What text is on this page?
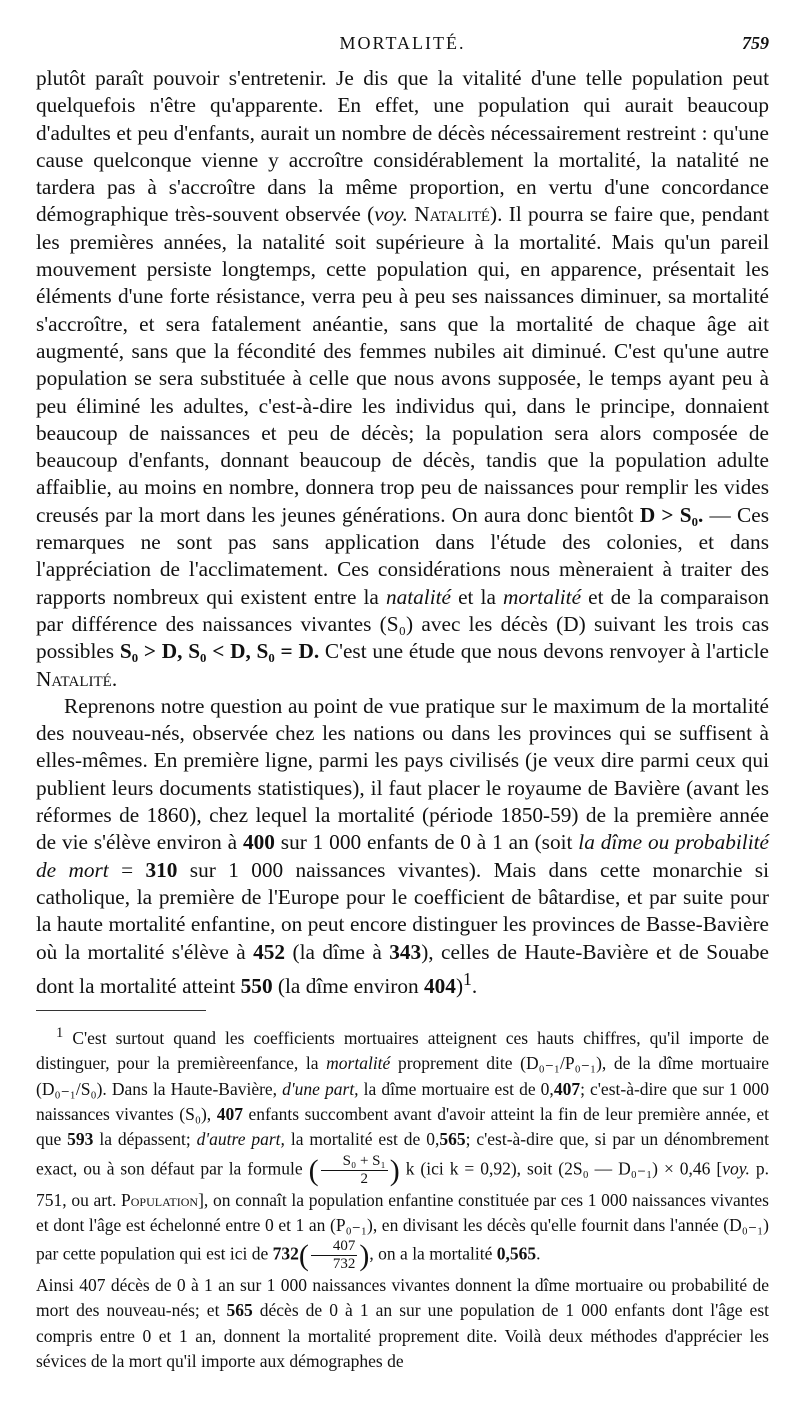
MORTALITÉ.	759

plutôt paraît pouvoir s'entretenir. Je dis que la vitalité d'une telle population peut quelquefois n'être qu'apparente. En effet, une population qui aurait beaucoup d'adultes et peu d'enfants, aurait un nombre de décès nécessairement restreint : qu'une cause quelconque vienne y accroître considérablement la mortalité, la natalité ne tardera pas à s'accroître dans la même proportion, en vertu d'une concordance démographique très-souvent observée (voy. Natalité). Il pourra se faire que, pendant les premières années, la natalité soit supérieure à la mortalité. Mais qu'un pareil mouvement persiste longtemps, cette population qui, en apparence, présentait les éléments d'une forte résistance, verra peu à peu ses naissances diminuer, sa mortalité s'accroître, et sera fatalement anéantie, sans que la mortalité de chaque âge ait augmenté, sans que la fécondité des femmes nubiles ait diminué. C'est qu'une autre population se sera substituée à celle que nous avons supposée, le temps ayant peu à peu éliminé les adultes, c'est-à-dire les individus qui, dans le principe, donnaient beaucoup de naissances et peu de décès; la population sera alors composée de beaucoup d'enfants, donnant beaucoup de décès, tandis que la population adulte affaiblie, au moins en nombre, donnera trop peu de naissances pour remplir les vides creusés par la mort dans les jeunes générations. On aura donc bientôt D > S₀. — Ces remarques ne sont pas sans application dans l'étude des colonies, et dans l'appréciation de l'acclimatement. Ces considérations nous mèneraient à traiter des rapports nombreux qui existent entre la natalité et la mortalité et de la comparaison par différence des naissances vivantes (S₀) avec les décès (D) suivant les trois cas possibles S₀ > D, S₀ < D, S₀ = D. C'est une étude que nous devons renvoyer à l'article Natalité.

Reprenons notre question au point de vue pratique sur le maximum de la mortalité des nouveau-nés, observée chez les nations ou dans les provinces qui se suffisent à elles-mêmes. En première ligne, parmi les pays civilisés (je veux dire parmi ceux qui publient leurs documents statistiques), il faut placer le royaume de Bavière (avant les réformes de 1860), chez lequel la mortalité (période 1850-59) de la première année de vie s'élève environ à 400 sur 1 000 enfants de 0 à 1 an (soit la dîme ou probabilité de mort = 310 sur 1 000 naissances vivantes). Mais dans cette monarchie si catholique, la première de l'Europe pour le coefficient de bâtardise, et par suite pour la haute mortalité enfantine, on peut encore distinguer les provinces de Basse-Bavière où la mortalité s'élève à 452 (la dîme à 343), celles de Haute-Bavière et de Souabe dont la mortalité atteint 550 (la dîme environ 404)$^1$.

$^1$ C'est surtout quand les coefficients mortuaires atteignent ces hauts chiffres, qu'il importe de distinguer, pour la premièreenfance, la mortalité proprement dite (D₀₋₁/P₀₋₁), de la dîme mortuaire (D₀₋₁/S₀). Dans la Haute-Bavière, d'une part, la dîme mortuaire est de 0,407; c'est-à-dire que sur 1 000 naissances vivantes (S₀), 407 enfants succombent avant d'avoir atteint la fin de leur première année, et que 593 la dépassent; d'autre part, la mortalité est de 0,565; c'est-à-dire que, si par un dénombrement exact, ou à son défaut par la formule ( $\frac{\text{S₀ + S₁}}{2}$ ) k (ici k = 0,92), soit (2S₀ — D₀₋₁) × 0,46 [voy. p. 751, ou art. Population], on connaît la population enfantine constituée par ces 1 000 naissances vivantes et dont l'âge est échelonné entre 0 et 1 an (P₀₋₁), en divisant les décès qu'elle fournit dans l'année (D₀₋₁) par cette population qui est ici de $732( \frac{407}{732}$ ), on a la mortalité 0,565.

Ainsi 407 décès de 0 à 1 an sur 1 000 naissances vivantes donnent la dîme mortuaire ou probabilité de mort des nouveau-nés; et 565 décès de 0 à 1 an sur une population de 1 000 enfants dont l'âge est compris entre 0 et 1 an, donnent la mortalité proprement dite. Voilà deux méthodes d'apprécier les sévices de la mort qu'il importe aux démographes de
